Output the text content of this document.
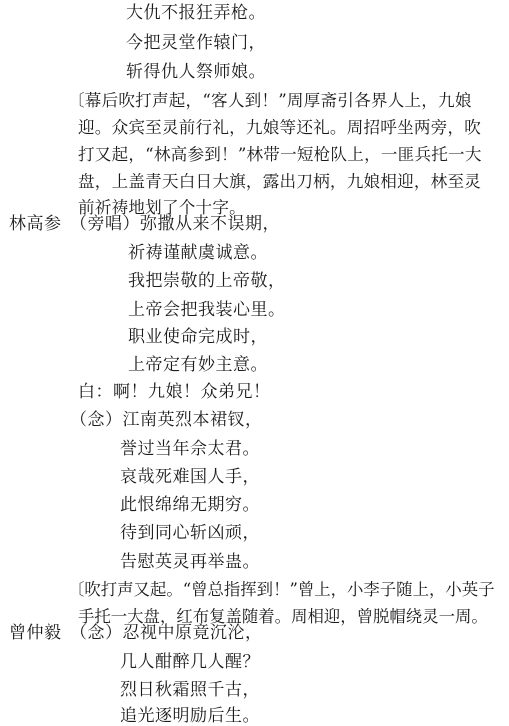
大仇不报狂弄枪。
今把灵堂作辕门，
斩得仇人祭师娘。
〔幕后吹打声起，“客人到！”周厚斋引各界人上，九娘
迎。众宾至灵前行礼，九娘等还礼。周招呼坐两旁，吹
打又起，“林高参到！”林带一短枪队上，一匪兵托一大
盘，上盖青天白日大旗，露出刀柄，九娘相迎，林至灵
前祈祷地划了个十字。
林高参 （旁唱）弥撒从来不误期，
祈祷谨献虞诚意。
我把崇敬的上帝敬，
上帝会把我装心里。
职业使命完成时，
上帝定有妙主意。
白：啊！九娘！众弟兄！
（念）江南英烈本裙钗，
誉过当年佘太君。
哀哉死难国人手，
此恨绵绵无期穷。
待到同心斩凶顽，
告慰英灵再举蛊。
〔吹打声又起。“曾总指挥到！”曾上，小李子随上，小英子
手托一大盘，红布复盖随着。周相迎，曾脱帽绕灵一周。
曾仲毅 （念）忍视中原竟沉沦，
几人酣醉几人醒？
烈日秋霜照千古，
追光逐明励后生。
